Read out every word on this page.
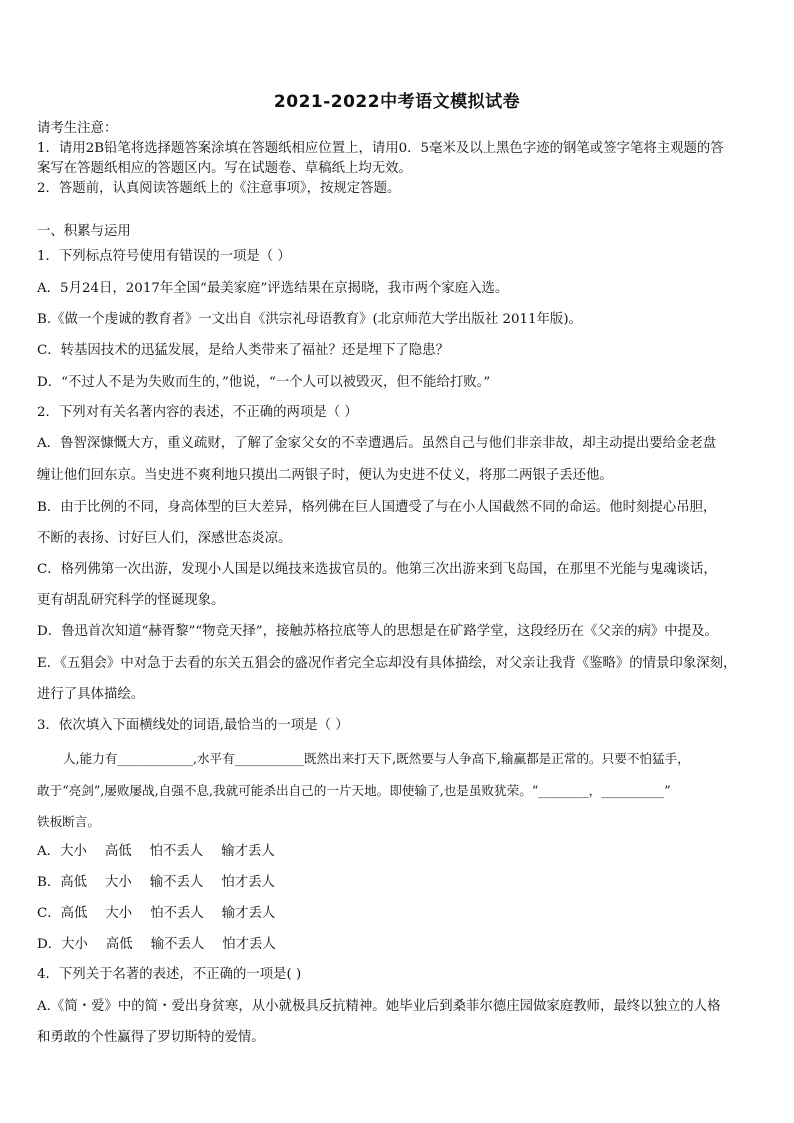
2021-2022中考语文模拟试卷
请考生注意：
1．请用2B铅笔将选择题答案涂填在答题纸相应位置上，请用0．5毫米及以上黑色字迹的钢笔或签字笔将主观题的答
案写在答题纸相应的答题区内。写在试题卷、草稿纸上均无效。
2．答题前，认真阅读答题纸上的《注意事项》，按规定答题。
一、积累与运用
1．下列标点符号使用有错误的一项是（ ）
A．5月24日，2017年全国“最美家庭”评选结果在京揭晓，我市两个家庭入选。
B.《做一个虔诚的教育者》一文出自《洪宗礼母语教育》(北京师范大学出版社 2011年版)。
C．转基因技术的迅猛发展，是给人类带来了福祉？还是埋下了隐患？
D．“不过人不是为失败而生的，”他说，“一个人可以被毁灭，但不能给打败。”
2．下列对有关名著内容的表述，不正确的两项是（ ）
A．鲁智深慷慨大方，重义疏财，了解了金家父女的不幸遭遇后。虽然自己与他们非亲非故，却主动提出要给金老盘
缠让他们回东京。当史进不爽利地只摸出二两银子时，便认为史进不仗义，将那二两银子丢还他。
B．由于比例的不同，身高体型的巨大差异，格列佛在巨人国遭受了与在小人国截然不同的命运。他时刻提心吊胆，
不断的表扬、讨好巨人们，深感世态炎凉。
C．格列佛第一次出游，发现小人国是以绳技来选拔官员的。他第三次出游来到飞岛国，在那里不光能与鬼魂谈话，
更有胡乱研究科学的怪诞现象。
D．鲁迅首次知道“赫胥黎”“物竞天择”，接触苏格拉底等人的思想是在矿路学堂，这段经历在《父亲的病》中提及。
E．《五猖会》中对急于去看的东关五猖会的盛况作者完全忘却没有具体描绘，对父亲让我背《鉴略》的情景印象深刻，
进行了具体描绘。
3．依次填入下面横线处的词语,最恰当的一项是（ ）
人,能力有____________,水平有___________既然出来打天下,既然要与人争高下,输赢都是正常的。只要不怕猛手，
敢于“亮剑”,屡败屡战,自强不息,我就可能杀出自己的一片天地。即使输了,也是虽败犹荣。“________，__________”
铁板断言。
A．大小 高低 怕不丢人 输才丢人
B．高低 大小 输不丢人 怕才丢人
C．高低 大小 怕不丢人 输才丢人
D．大小 高低 输不丢人 怕才丢人
4．下列关于名著的表述，不正确的一项是( )
A.《简・爱》中的简・爱出身贫寒，从小就极具反抗精神。她毕业后到桑菲尔德庄园做家庭教师，最终以独立的人格
和勇敢的个性赢得了罗切斯特的爱情。
